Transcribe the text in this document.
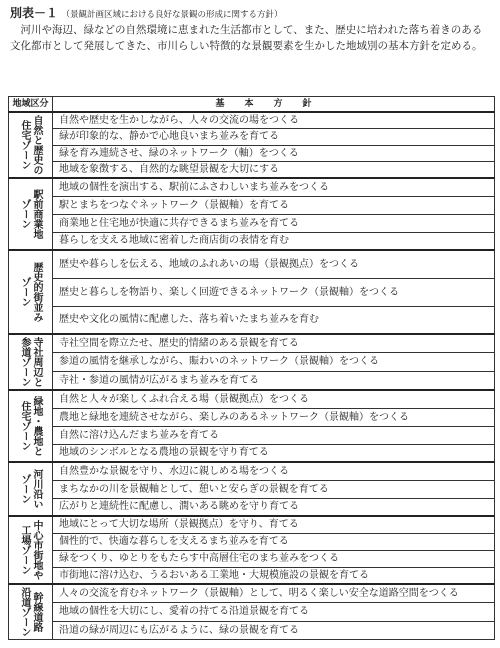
別表－１ （景観計画区域における良好な景観の形成に関する方針）

河川や海辺、緑などの自然環境に恵まれた生活都市として、また、歴史に培われた落ち着きのある文化都市として発展してきた、市川らしい特徴的な景観要素を生かした地域別の基本方針を定める。

地域区分	基本方針

自然と歴史の
住宅ゾーン	自然や歴史を生かしながら、人々の交流の場をつくる
	緑が印象的な、静かで心地良いまち並みを育てる
	緑を育み連続させ、緑のネットワーク（軸）をつくる
	地域を象徴する、自然的な眺望景観を大切にする

駅前商業地
ゾーン	地域の個性を演出する、駅前にふさわしいまち並みをつくる
	駅とまちをつなぐネットワーク（景観軸）を育てる
	商業地と住宅地が快適に共存できるまち並みを育てる
	暮らしを支える地域に密着した商店街の表情を育む

歴史的街並み
ゾーン	歴史や暮らしを伝える、地域のふれあいの場（景観拠点）をつくる
	歴史と暮らしを物語り、楽しく回遊できるネットワーク（景観軸）をつくる
	歴史や文化の風情に配慮した、落ち着いたまち並みを育む

寺社周辺と
参道ゾーン	寺社空間を際立たせ、歴史的情緒のある景観を育てる
	参道の風情を継承しながら、賑わいのネットワーク（景観軸）をつくる
	寺社・参道の風情が広がるまち並みを育てる

緑地・農地と
住宅ゾーン	自然と人々が楽しくふれ合える場（景観拠点）をつくる
	農地と緑地を連続させながら、楽しみのあるネットワーク（景観軸）をつくる
	自然に溶け込んだまち並みを育てる
	地域のシンボルとなる農地の景観を守り育てる

河川沿い
ゾーン	自然豊かな景観を守り、水辺に親しめる場をつくる
	まちなかの川を景観軸として、憩いと安らぎの景観を育てる
	広がりと連続性に配慮し、潤いある眺めを守り育てる

中心市街地や
工場ゾーン	地域にとって大切な場所（景観拠点）を守り、育てる
	個性的で、快適な暮らしを支えるまち並みを育てる
	緑をつくり、ゆとりをもたらす中高層住宅のまち並みをつくる
	市街地に溶け込む、うるおいある工業地・大規模施設の景観を育てる

幹線道路
沿道ゾーン	人々の交流を育むネットワーク（景観軸）として、明るく楽しい安全な道路空間をつくる
	地域の個性を大切にし、愛着の持てる沿道景観を育てる
	沿道の緑が周辺にも広がるように、緑の景観を育てる
